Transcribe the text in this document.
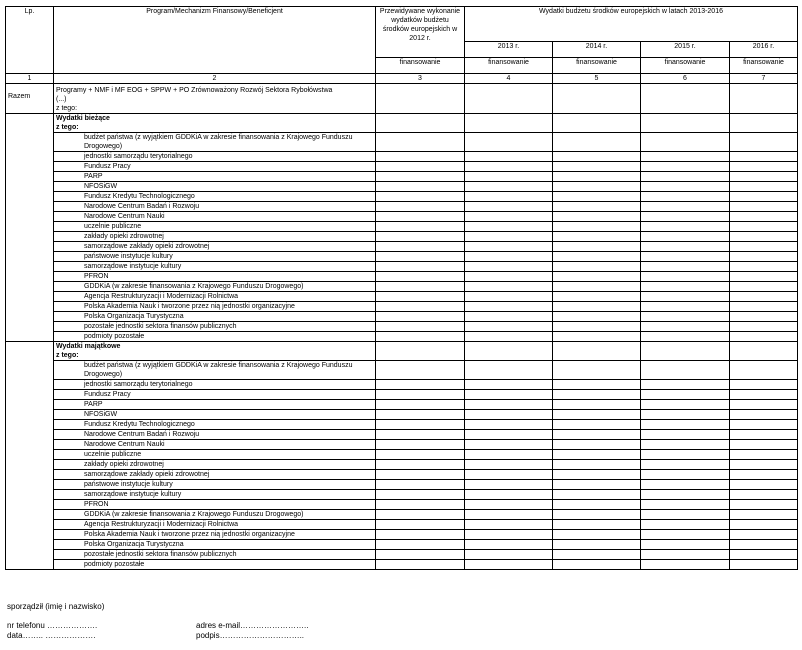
Lp.	Program/Mechanizm Finansowy/Beneficjent	Przewidywane wykonanie wydatków budżetu środków europejskich w 2012 r.	Wydatki budżetu środków europejskich w latach 2013-2016			
			2013 r.	2014 r.	2015 r.	2016 r.
		finansowanie	finansowanie	finansowanie	finansowanie	finansowanie
1	2	3	4	5	6	7
Razem	Programy + NMF i MF EOG + SPPW + PO Zrównoważony Rozwój Sektora Rybołówstwa
(...)
z tego:					

	Wydatki bieżące
z tego:					

	budżet państwa (z wyjątkiem GDDKiA w zakresie finansowania z Krajowego Funduszu Drogowego)					
	jednostki samorządu terytorialnego					
	Fundusz Pracy					
	PARP					
	NFOŚiGW					
	Fundusz Kredytu Technologicznego					
	Narodowe Centrum Badań i Rozwoju					
	Narodowe Centrum Nauki					
	uczelnie publiczne					
	zakłady opieki zdrowotnej					
	samorządowe zakłady opieki zdrowotnej					
	państwowe instytucje kultury					
	samorządowe instytucje kultury					
	PFRON					
	GDDKiA (w zakresie finansowania z Krajowego Funduszu Drogowego)					
	Agencja Restrukturyzacji i Modernizacji Rolnictwa					
	Polska Akademia Nauk i tworzone przez nią jednostki organizacyjne					
	Polska Organizacja Turystyczna					
	pozostałe jednostki sektora finansów publicznych					
	podmioty pozostałe					

	Wydatki majątkowe
z tego:					

	budżet państwa (z wyjątkiem GDDKiA w zakresie finansowania z Krajowego Funduszu Drogowego)					
	jednostki samorządu terytorialnego					
	Fundusz Pracy					
	PARP					
	NFOŚiGW					
	Fundusz Kredytu Technologicznego					
	Narodowe Centrum Badań i Rozwoju					
	Narodowe Centrum Nauki					
	uczelnie publiczne					
	zakłady opieki zdrowotnej					
	samorządowe zakłady opieki zdrowotnej					
	państwowe instytucje kultury					
	samorządowe instytucje kultury					
	PFRON					
	GDDKiA (w zakresie finansowania z Krajowego Funduszu Drogowego)					
	Agencja Restrukturyzacji i Modernizacji Rolnictwa					
	Polska Akademia Nauk i tworzone przez nią jednostki organizacyjne					
	Polska Organizacja Turystyczna					
	pozostałe jednostki sektora finansów publicznych					
	podmioty pozostałe					
sporządził (imię i nazwisko)
nr telefonu ……………….	adres e-mail……………………..
data…….. ……………….	podpis…………………………..
